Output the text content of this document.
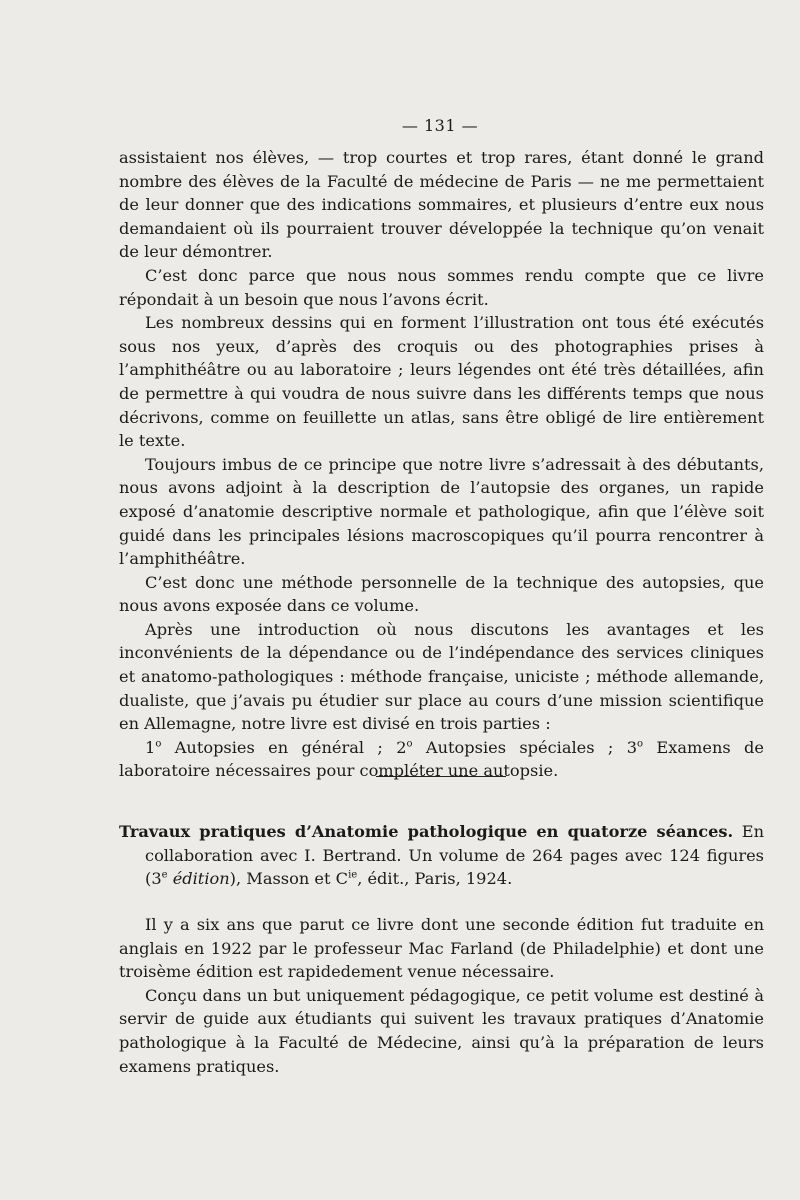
— 131 —

assistaient nos élèves, — trop courtes et trop rares, étant donné le grand nombre des élèves de la Faculté de médecine de Paris — ne me permettaient de leur donner que des indications sommaires, et plusieurs d’entre eux nous demandaient où ils pourraient trouver développée la technique qu’on venait de leur démontrer.

C’est donc parce que nous nous sommes rendu compte que ce livre répondait à un besoin que nous l’avons écrit.

Les nombreux dessins qui en forment l’illustration ont tous été exécutés sous nos yeux, d’après des croquis ou des photographies prises à l’amphithéâtre ou au laboratoire ; leurs légendes ont été très détaillées, afin de permettre à qui voudra de nous suivre dans les différents temps que nous décrivons, comme on feuillette un atlas, sans être obligé de lire entièrement le texte.

Toujours imbus de ce principe que notre livre s’adressait à des débutants, nous avons adjoint à la description de l’autopsie des organes, un rapide exposé d’anatomie descriptive normale et pathologique, afin que l’élève soit guidé dans les principales lésions macroscopiques qu’il pourra rencontrer à l’amphithéâtre.

C’est donc une méthode personnelle de la technique des autopsies, que nous avons exposée dans ce volume.

Après une introduction où nous discutons les avantages et les inconvénients de la dépendance ou de l’indépendance des services cliniques et anatomo-pathologiques : méthode française, uniciste ; méthode allemande, dualiste, que j’avais pu étudier sur place au cours d’une mission scientifique en Allemagne, notre livre est divisé en trois parties :

1$^o$ Autopsies en général ; 2$^o$ Autopsies spéciales ; 3$^o$ Examens de laboratoire nécessaires pour compléter une autopsie.

Travaux pratiques d’Anatomie pathologique en quatorze séances. En collaboration avec I. Bertrand. Un volume de 264 pages avec 124 figures (3e édition), Masson et $C^{ie}$, édit., Paris, 1924.

Il y a six ans que parut ce livre dont une seconde édition fut traduite en anglais en 1922 par le professeur Mac Farland (de Philadelphie) et dont une troisème édition est rapidedement venue nécessaire.

Conçu dans un but uniquement pédagogique, ce petit volume est destiné à servir de guide aux étudiants qui suivent les travaux pratiques d’Anatomie pathologique à la Faculté de Médecine, ainsi qu’à la préparation de leurs examens pratiques.
